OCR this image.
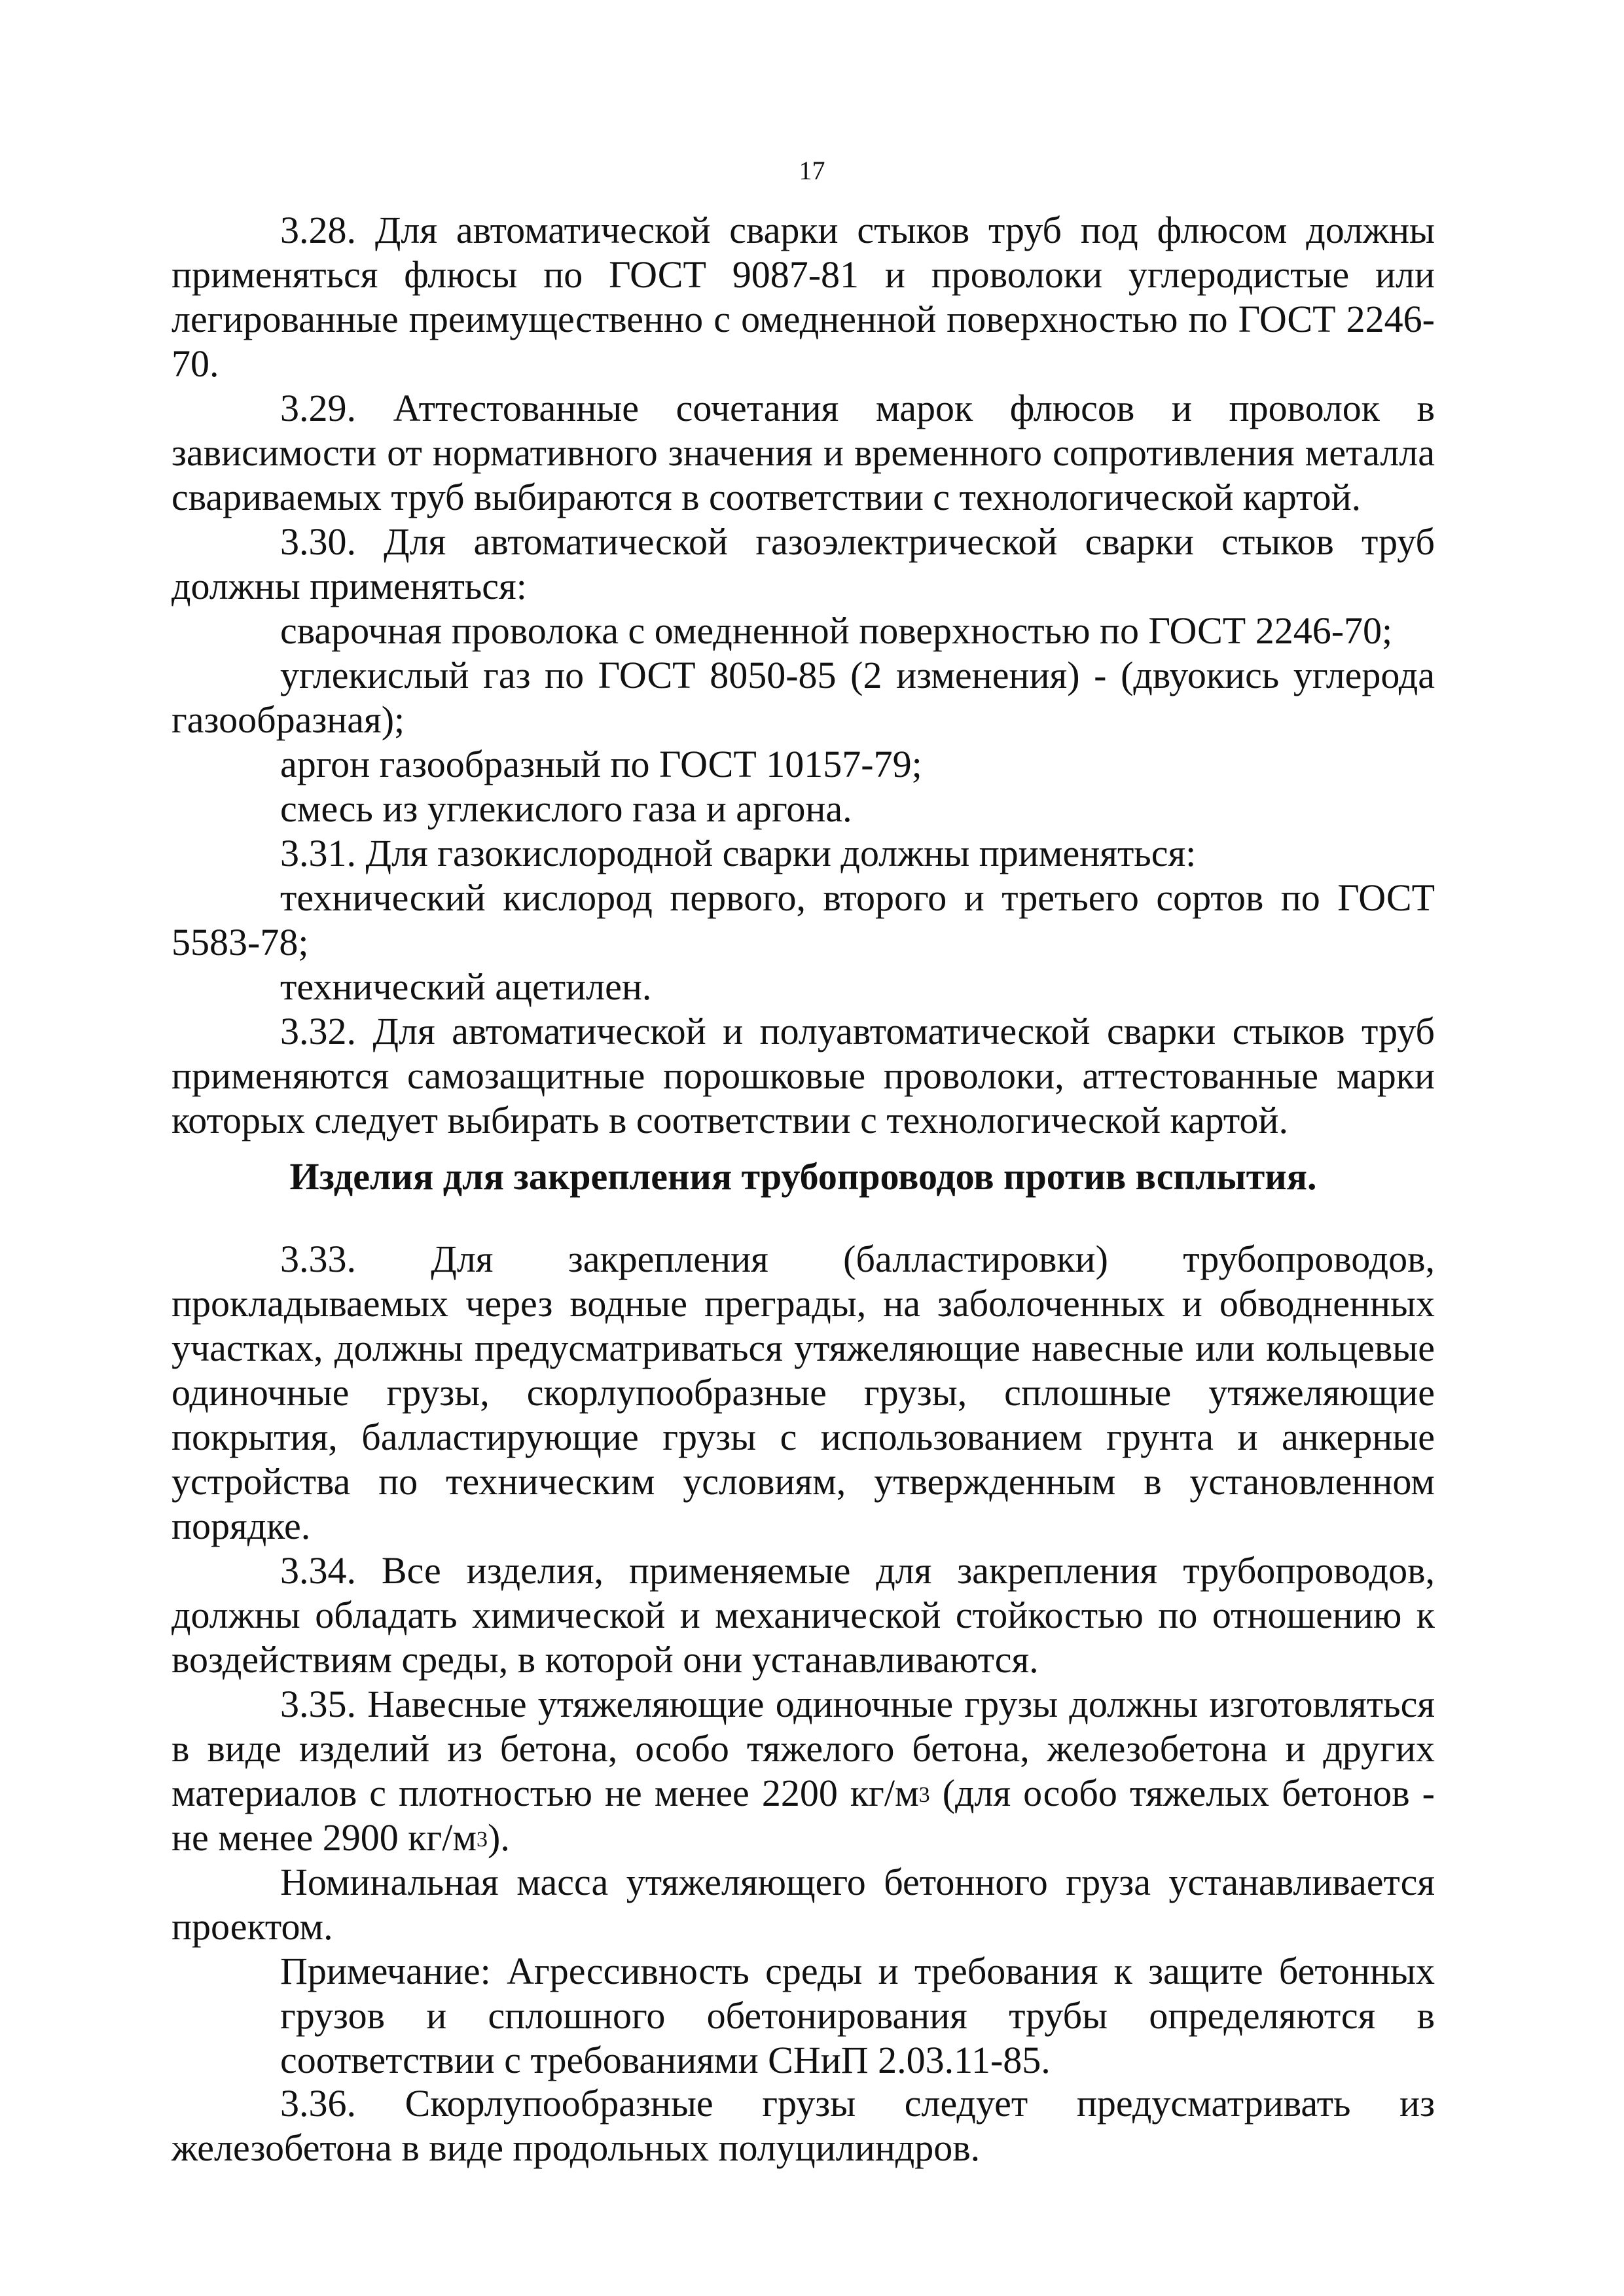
17

3.28. Для автоматической сварки стыков труб под флюсом должны применяться флюсы по ГОСТ 9087-81 и проволоки углеродистые или легированные преимущественно с омедненной поверхностью по ГОСТ 2246-70.

3.29. Аттестованные сочетания марок флюсов и проволок в зависимости от нормативного значения и временного сопротивления металла свариваемых труб выбираются в соответствии с технологической картой.

3.30. Для автоматической газоэлектрической сварки стыков труб должны применяться:

сварочная проволока с омедненной поверхностью по ГОСТ 2246-70;

углекислый газ по ГОСТ 8050-85 (2 изменения) - (двуокись углерода газообразная);

аргон газообразный по ГОСТ 10157-79;

смесь из углекислого газа и аргона.

3.31. Для газокислородной сварки должны применяться:

технический кислород первого, второго и третьего сортов по ГОСТ 5583-78;

технический ацетилен.

3.32. Для автоматической и полуавтоматической сварки стыков труб применяются самозащитные порошковые проволоки, аттестованные марки которых следует выбирать в соответствии с технологической картой.

Изделия для закрепления трубопроводов против всплытия.

3.33. Для закрепления (балластировки) трубопроводов, прокладываемых через водные преграды, на заболоченных и обводненных участках, должны предусматриваться утяжеляющие навесные или кольцевые одиночные грузы, скорлупообразные грузы, сплошные утяжеляющие покрытия, балластирующие грузы с использованием грунта и анкерные устройства по техническим условиям, утвержденным в установленном порядке.

3.34. Все изделия, применяемые для закрепления трубопроводов, должны обладать химической и механической стойкостью по отношению к воздействиям среды, в которой они устанавливаются.

3.35. Навесные утяжеляющие одиночные грузы должны изготовляться в виде изделий из бетона, особо тяжелого бетона, железобетона и других материалов с плотностью не менее 2200 $кг/м^3$ (для особо тяжелых бетонов - не менее 2900 $кг/м^3$).

Номинальная масса утяжеляющего бетонного груза устанавливается проектом.

Примечание: Агрессивность среды и требования к защите бетонных грузов и сплошного обетонирования трубы определяются в соответствии с требованиями СНиП 2.03.11-85.

3.36. Скорлупообразные грузы следует предусматривать из железобетона в виде продольных полуцилиндров.
